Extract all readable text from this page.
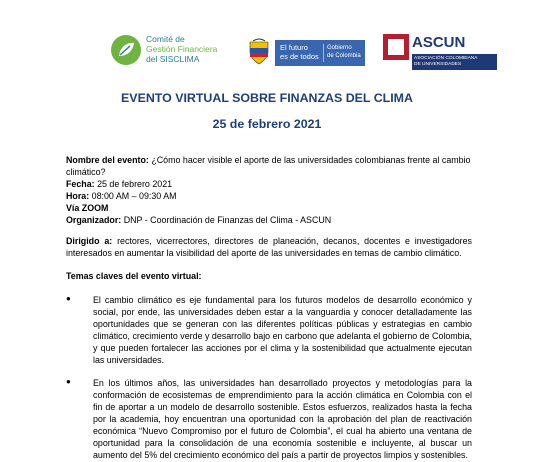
Comité de
Gestión Financiera
del SISCLIMA
El futuro
es de todos
Gobierno
de Colombia
ASCUN
ASOCIACIÓN COLOMBIANA
DE UNIVERSIDADES
EVENTO VIRTUAL SOBRE FINANZAS DEL CLIMA
25 de febrero 2021

Nombre del evento: ¿Cómo hacer visible el aporte de las universidades colombianas frente al cambio climático?

Fecha: 25 de febrero 2021

Hora: 08:00 AM – 09:30 AM

Vía ZOOM

Organizador: DNP - Coordinación de Finanzas del Clima - ASCUN

Dirigido a: rectores, vicerrectores, directores de planeación, decanos, docentes e investigadores interesados en aumentar la visibilidad del aporte de las universidades en temas de cambio climático.

Temas claves del evento virtual:

●	El cambio climático es eje fundamental para los futuros modelos de desarrollo económico y social, por ende, las universidades deben estar a la vanguardia y conocer detalladamente las oportunidades que se generan con las diferentes políticas públicas y estrategias en cambio climático, crecimiento verde y desarrollo bajo en carbono que adelanta el gobierno de Colombia, y que pueden fortalecer las acciones por el clima y la sostenibilidad que actualmente ejecutan las universidades.
●	En los últimos años, las universidades han desarrollado proyectos y metodologías para la conformación de ecosistemas de emprendimiento para la acción climática en Colombia con el fin de aportar a un modelo de desarrollo sostenible. Estos esfuerzos, realizados hasta la fecha por la academia, hoy encuentran una oportunidad con la aprobación del plan de reactivación económica “Nuevo Compromiso por el futuro de Colombia”, el cual ha abierto una ventana de oportunidad para la consolidación de una economía sostenible e incluyente, al buscar un aumento del 5% del crecimiento económico del país a partir de proyectos limpios y sostenibles.
